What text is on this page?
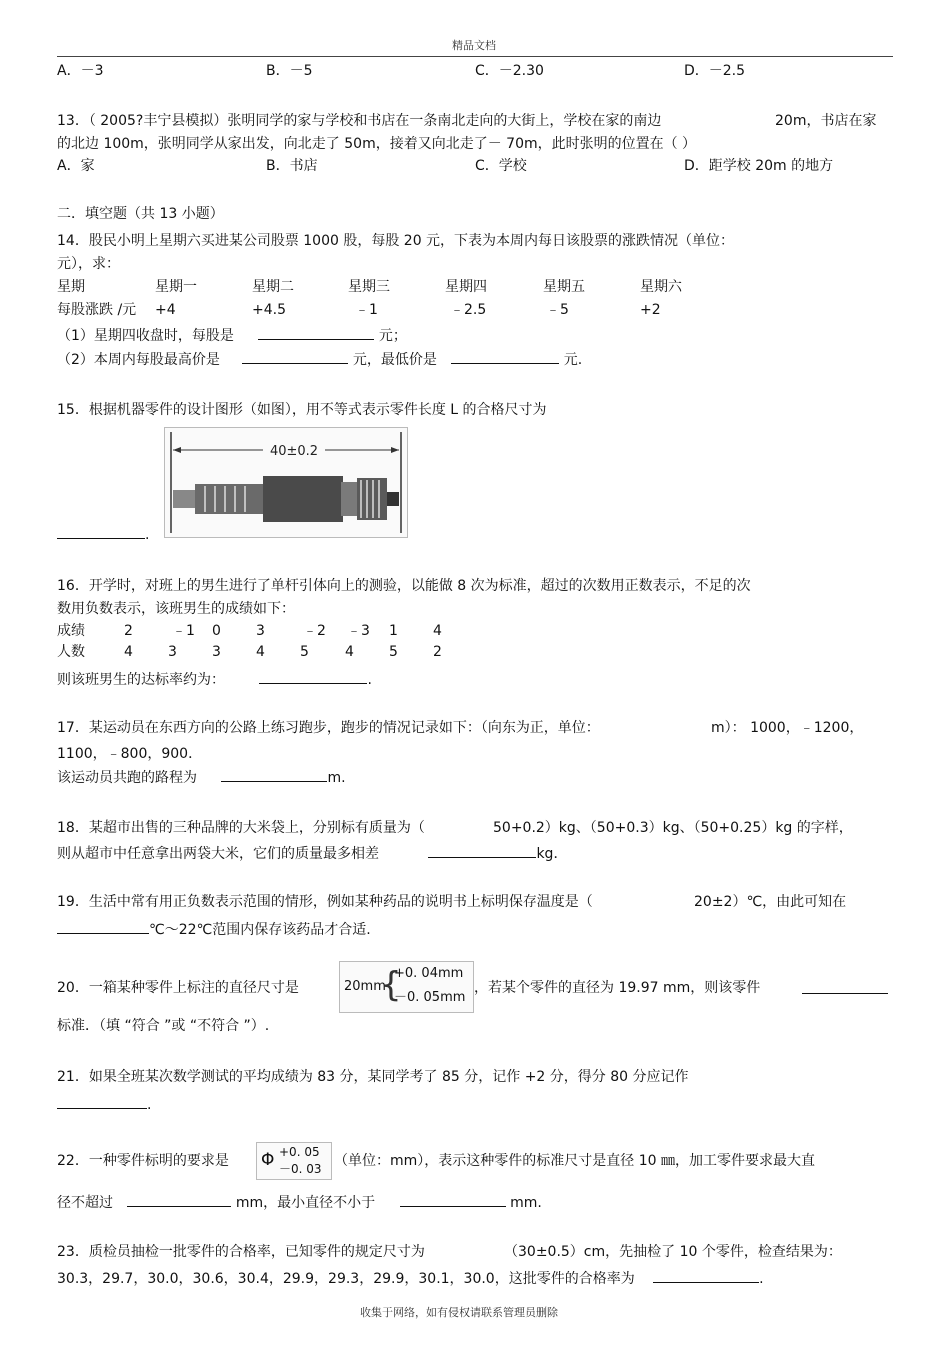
精品文档
A．－3	B．－5	C．－2.30	D．－2.5
13．（ 2005?丰宁县模拟）张明同学的家与学校和书店在一条南北走向的大街上，学校在家的南边	20m，书店在家
的北边 100m，张明同学从家出发，向北走了 50m，接着又向北走了－ 70m，此时张明的位置在（ ）
A．家	B．书店	C．学校	D．距学校 20m 的地方
二．填空题（共 13 小题）
14．股民小明上星期六买进某公司股票 1000 股，每股 20 元，下表为本周内每日该股票的涨跌情况（单位：
元），求：
星期	星期一	星期二	星期三	星期四	星期五	星期六
每股涨跌 /元 +4	+4.5	﹣1	﹣2.5	﹣5	+2
（1）星期四收盘时，每股是	元；
（2）本周内每股最高价是	元，最低价是	元.
15．根据机器零件的设计图形（如图），用不等式表示零件长度 L 的合格尺寸为
40±0.2
.
16．开学时，对班上的男生进行了单杆引体向上的测验，以能做 8 次为标准，超过的次数用正数表示，不足的次
数用负数表示，该班男生的成绩如下：
成绩	2	﹣1 0	3	﹣2 ﹣3 1	4
人数	4	3	3	4	5	4	5	2
则该班男生的达标率约为：	.
17．某运动员在东西方向的公路上练习跑步，跑步的情况记录如下：（向东为正，单位：	m）： 1000，﹣1200，
1100，﹣800，900．
该运动员共跑的路程为	m.
18．某超市出售的三种品牌的大米袋上，分别标有质量为（	50+0.2）kg、（50+0.3）kg、（50+0.25）kg 的字样，
则从超市中任意拿出两袋大米，它们的质量最多相差	kg．
19．生活中常有用正负数表示范围的情形，例如某种药品的说明书上标明保存温度是（	20±2）℃，由此可知在
℃～22℃范围内保存该药品才合适.
20．一箱某种零件上标注的直径尺寸是	20mm
{
+0. 04mm
－0. 05mm
，若某个零件的直径为 19.97 mm，则该零件
标准．（填 “符合 ”或 “不符合 ”）.
21．如果全班某次数学测试的平均成绩为 83 分，某同学考了 85 分，记作 +2 分，得分 80 分应记作
.
22．一种零件标明的要求是 Φ +0. 05
－0. 03 （单位：mm），表示这种零件的标准尺寸是直径 10 ㎜，加工零件要求最大直
径不超过	mm，最小直径不小于	mm.
23．质检员抽检一批零件的合格率，已知零件的规定尺寸为	（30±0.5）cm，先抽检了 10 个零件，检查结果为：
30.3，29.7，30.0，30.6，30.4，29.9，29.3，29.9，30.1，30.0，这批零件的合格率为	.
收集于网络，如有侵权请联系管理员删除
